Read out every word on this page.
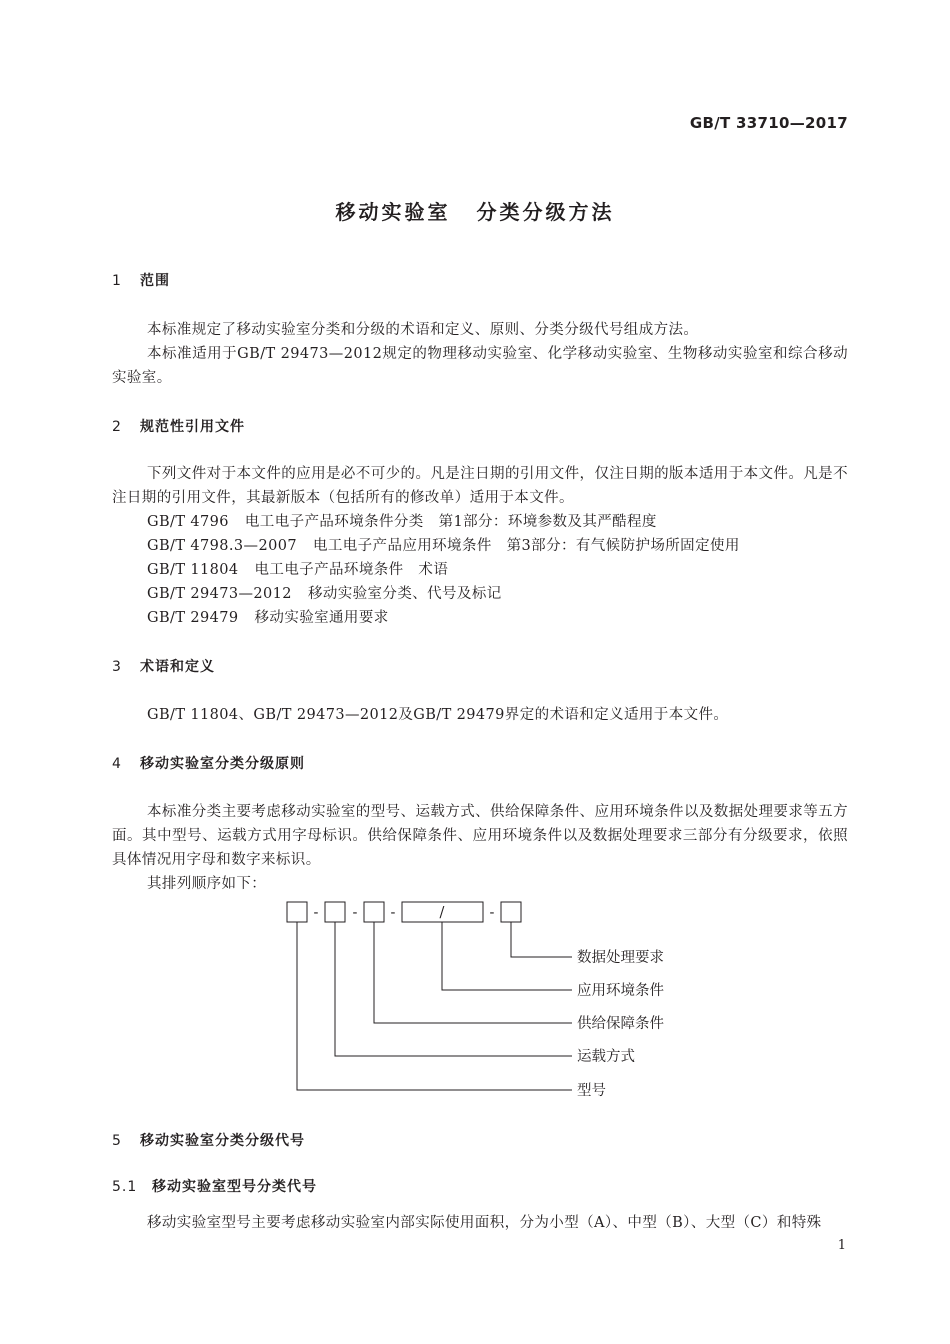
GB/T 33710—2017
移动实验室 分类分级方法
1 范围
本标准规定了移动实验室分类和分级的术语和定义、原则、分类分级代号组成方法。
本标准适用于GB/T 29473—2012规定的物理移动实验室、化学移动实验室、生物移动实验室和综合移动实验室。
2 规范性引用文件
下列文件对于本文件的应用是必不可少的。凡是注日期的引用文件，仅注日期的版本适用于本文件。凡是不注日期的引用文件，其最新版本（包括所有的修改单）适用于本文件。
GB/T 4796 电工电子产品环境条件分类　第1部分：环境参数及其严酷程度
GB/T 4798.3—2007 电工电子产品应用环境条件　第3部分：有气候防护场所固定使用
GB/T 11804 电工电子产品环境条件　术语
GB/T 29473—2012 移动实验室分类、代号及标记
GB/T 29479 移动实验室通用要求
3 术语和定义
GB/T 11804、GB/T 29473—2012及GB/T 29479界定的术语和定义适用于本文件。
4 移动实验室分类分级原则
本标准分类主要考虑移动实验室的型号、运载方式、供给保障条件、应用环境条件以及数据处理要求等五方面。其中型号、运载方式用字母标识。供给保障条件、应用环境条件以及数据处理要求三部分有分级要求，依照具体情况用字母和数字来标识。
其排列顺序如下：
- - -	-
/
数据处理要求
应用环境条件
供给保障条件
运载方式
型号
5 移动实验室分类分级代号
5.1 移动实验室型号分类代号
移动实验室型号主要考虑移动实验室内部实际使用面积，分为小型（A）、中型（B）、大型（C）和特殊
1
